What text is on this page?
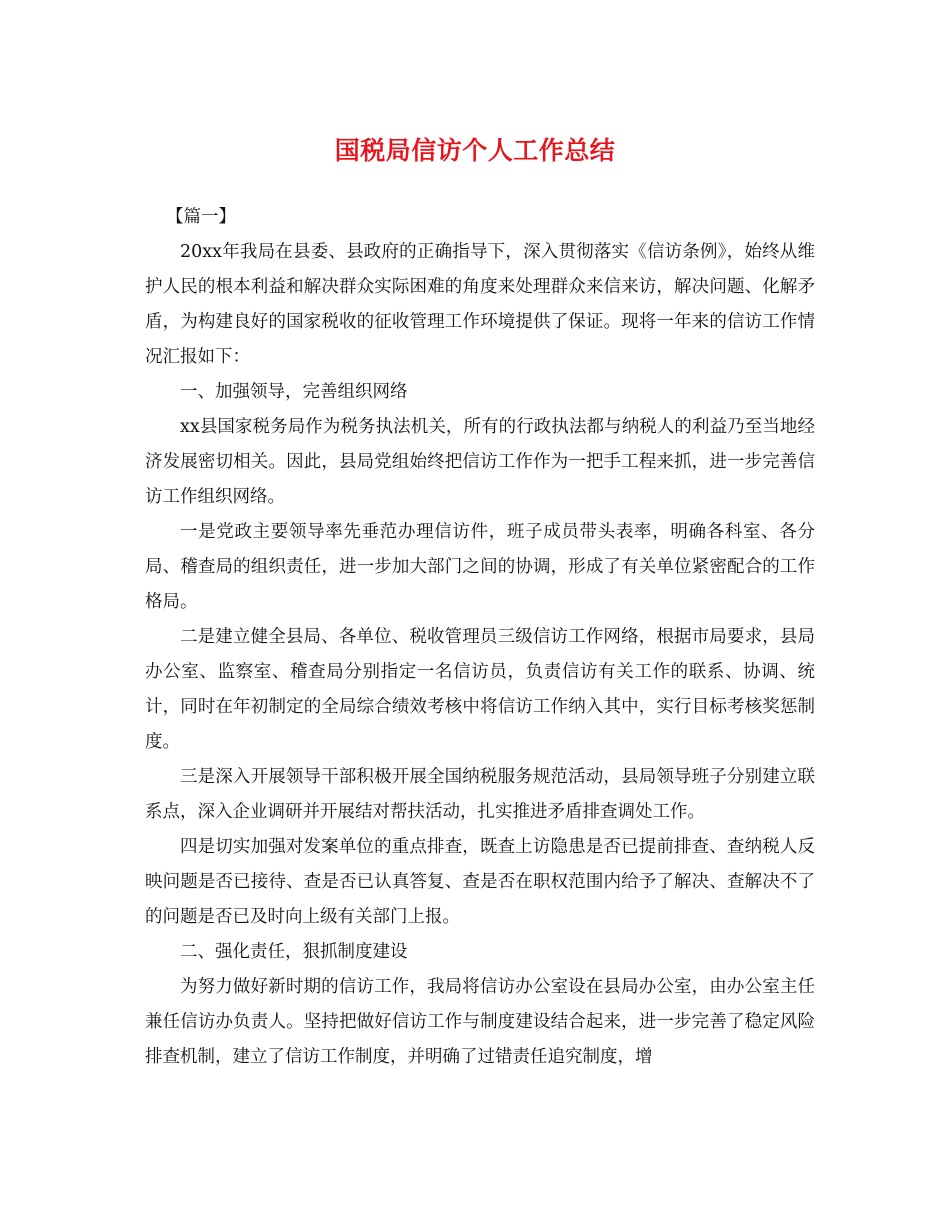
国税局信访个人工作总结

【篇一】

20xx年我局在县委、县政府的正确指导下，深入贯彻落实《信访条例》，始终从维护人民的根本利益和解决群众实际困难的角度来处理群众来信来访，解决问题、化解矛盾，为构建良好的国家税收的征收管理工作环境提供了保证。现将一年来的信访工作情况汇报如下：

一、加强领导，完善组织网络

xx县国家税务局作为税务执法机关，所有的行政执法都与纳税人的利益乃至当地经济发展密切相关。因此，县局党组始终把信访工作作为一把手工程来抓，进一步完善信访工作组织网络。

一是党政主要领导率先垂范办理信访件，班子成员带头表率，明确各科室、各分局、稽查局的组织责任，进一步加大部门之间的协调，形成了有关单位紧密配合的工作格局。

二是建立健全县局、各单位、税收管理员三级信访工作网络，根据市局要求，县局办公室、监察室、稽查局分别指定一名信访员，负责信访有关工作的联系、协调、统计，同时在年初制定的全局综合绩效考核中将信访工作纳入其中，实行目标考核奖惩制度。

三是深入开展领导干部积极开展全国纳税服务规范活动，县局领导班子分别建立联系点，深入企业调研并开展结对帮扶活动，扎实推进矛盾排查调处工作。

四是切实加强对发案单位的重点排查，既查上访隐患是否已提前排查、查纳税人反映问题是否已接待、查是否已认真答复、查是否在职权范围内给予了解决、查解决不了的问题是否已及时向上级有关部门上报。

二、强化责任，狠抓制度建设

为努力做好新时期的信访工作，我局将信访办公室设在县局办公室，由办公室主任兼任信访办负责人。坚持把做好信访工作与制度建设结合起来，进一步完善了稳定风险排查机制，建立了信访工作制度，并明确了过错责任追究制度，增
